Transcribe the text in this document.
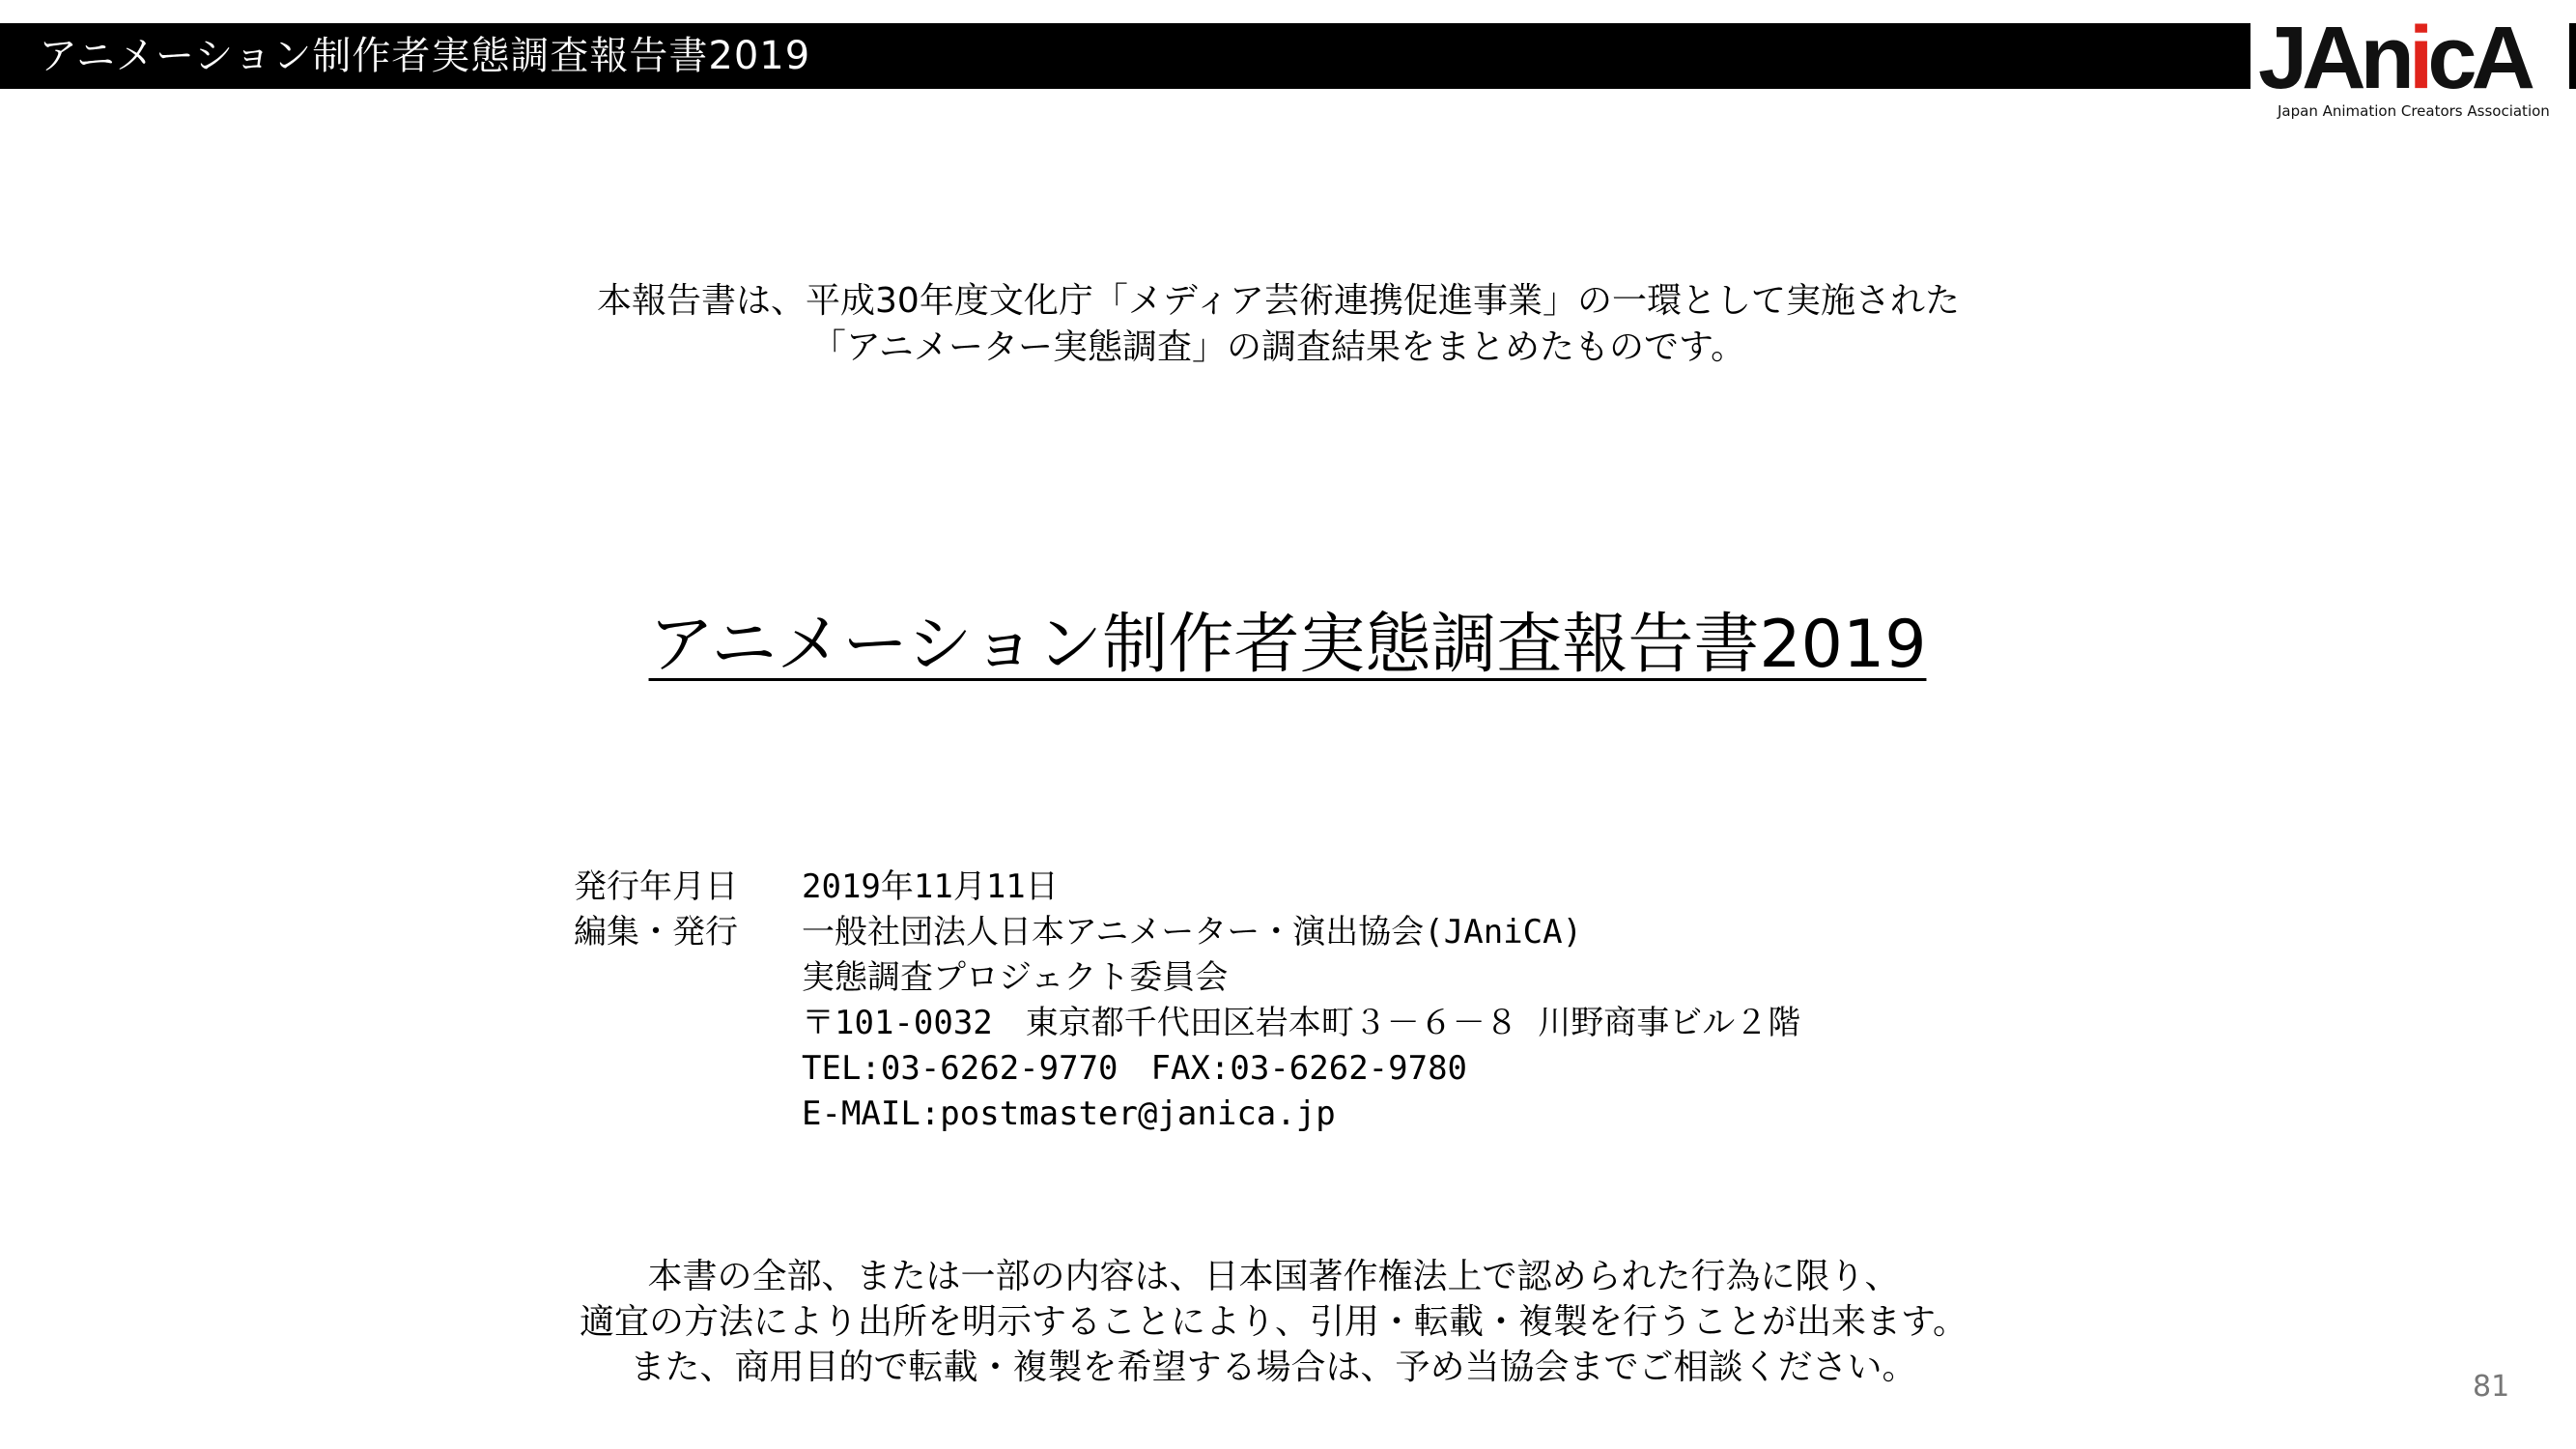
アニメーション制作者実態調査報告書2019	JAnicA
Japan Animation Creators Association
本報告書は、平成30年度文化庁「メディア芸術連携促進事業」の一環として実施された
「アニメーター実態調査」の調査結果をまとめたものです。
アニメーション制作者実態調査報告書2019
発行年月日	2019年11月11日
編集・発行	一般社団法人日本アニメーター・演出協会(JAniCA)
実態調査プロジェクト委員会
〒101-0032　東京都千代田区岩本町３－６－８ 川野商事ビル２階
TEL:03-6262-9770　FAX:03-6262-9780
E-MAIL:postmaster@janica.jp
本書の全部、または一部の内容は、日本国著作権法上で認められた行為に限り、
適宜の方法により出所を明示することにより、引用・転載・複製を行うことが出来ます。
また、商用目的で転載・複製を希望する場合は、予め当協会までご相談ください。	81
